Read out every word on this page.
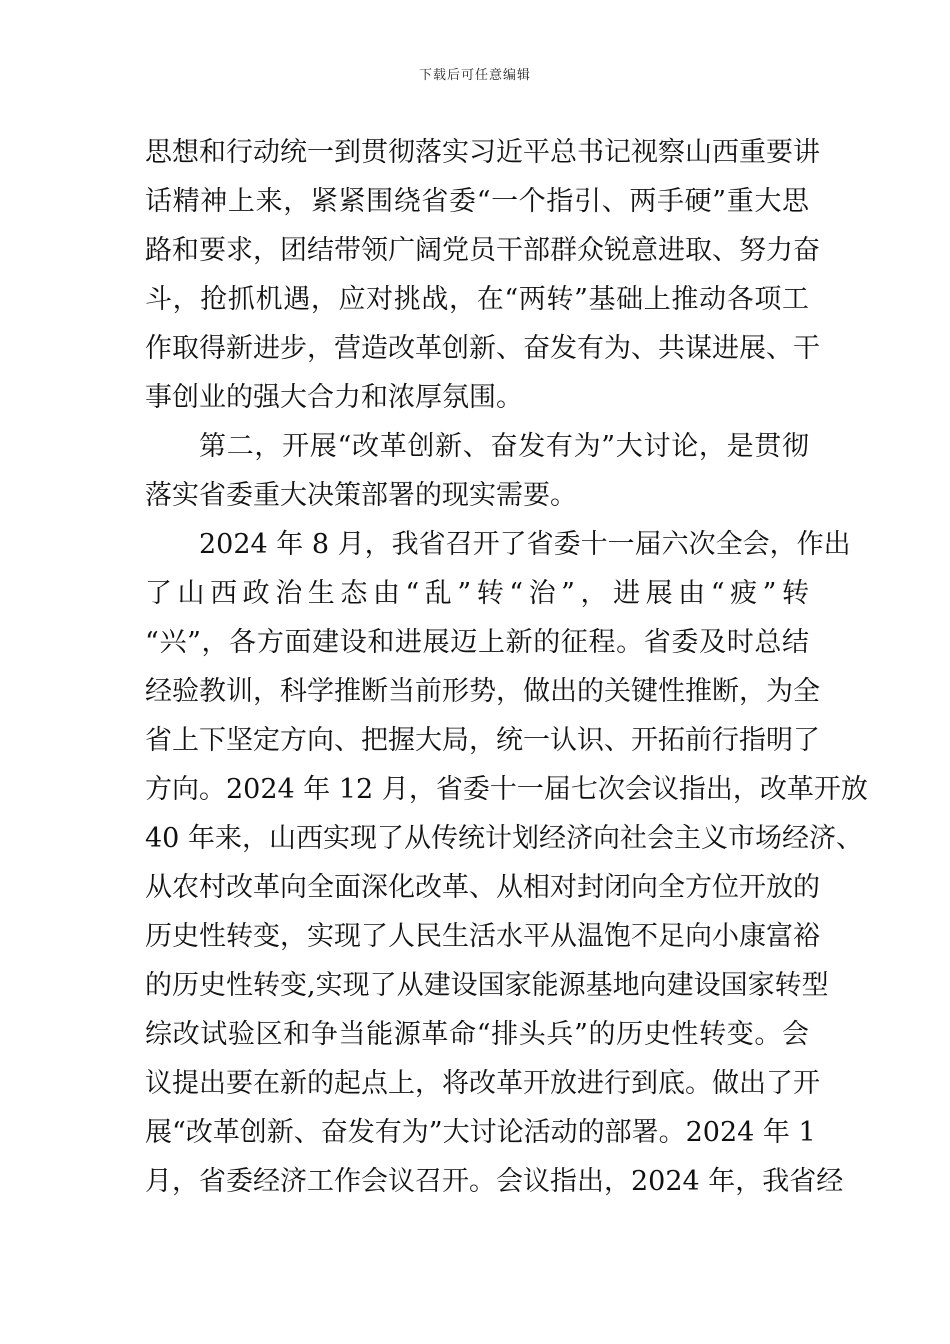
下载后可任意编辑
思想和行动统一到贯彻落实习近平总书记视察山西重要讲
话精神上来，紧紧围绕省委“一个指引、两手硬”重大思
路和要求，团结带领广阔党员干部群众锐意进取、努力奋
斗，抢抓机遇，应对挑战，在“两转”基础上推动各项工
作取得新进步，营造改革创新、奋发有为、共谋进展、干
事创业的强大合力和浓厚氛围。
第二，开展“改革创新、奋发有为”大讨论，是贯彻
落实省委重大决策部署的现实需要。
2024 年 8 月，我省召开了省委十一届六次全会，作出
了山西政治生态由“乱”转“治”，进展由“疲”转
“兴”，各方面建设和进展迈上新的征程。省委及时总结
经验教训，科学推断当前形势，做出的关键性推断，为全
省上下坚定方向、把握大局，统一认识、开拓前行指明了
方向。2024 年 12 月，省委十一届七次会议指出，改革开放
40 年来，山西实现了从传统计划经济向社会主义市场经济、
从农村改革向全面深化改革、从相对封闭向全方位开放的
历史性转变，实现了人民生活水平从温饱不足向小康富裕
的历史性转变,实现了从建设国家能源基地向建设国家转型
综改试验区和争当能源革命“排头兵”的历史性转变。会
议提出要在新的起点上，将改革开放进行到底。做出了开
展“改革创新、奋发有为”大讨论活动的部署。2024 年 1
月，省委经济工作会议召开。会议指出，2024 年，我省经
